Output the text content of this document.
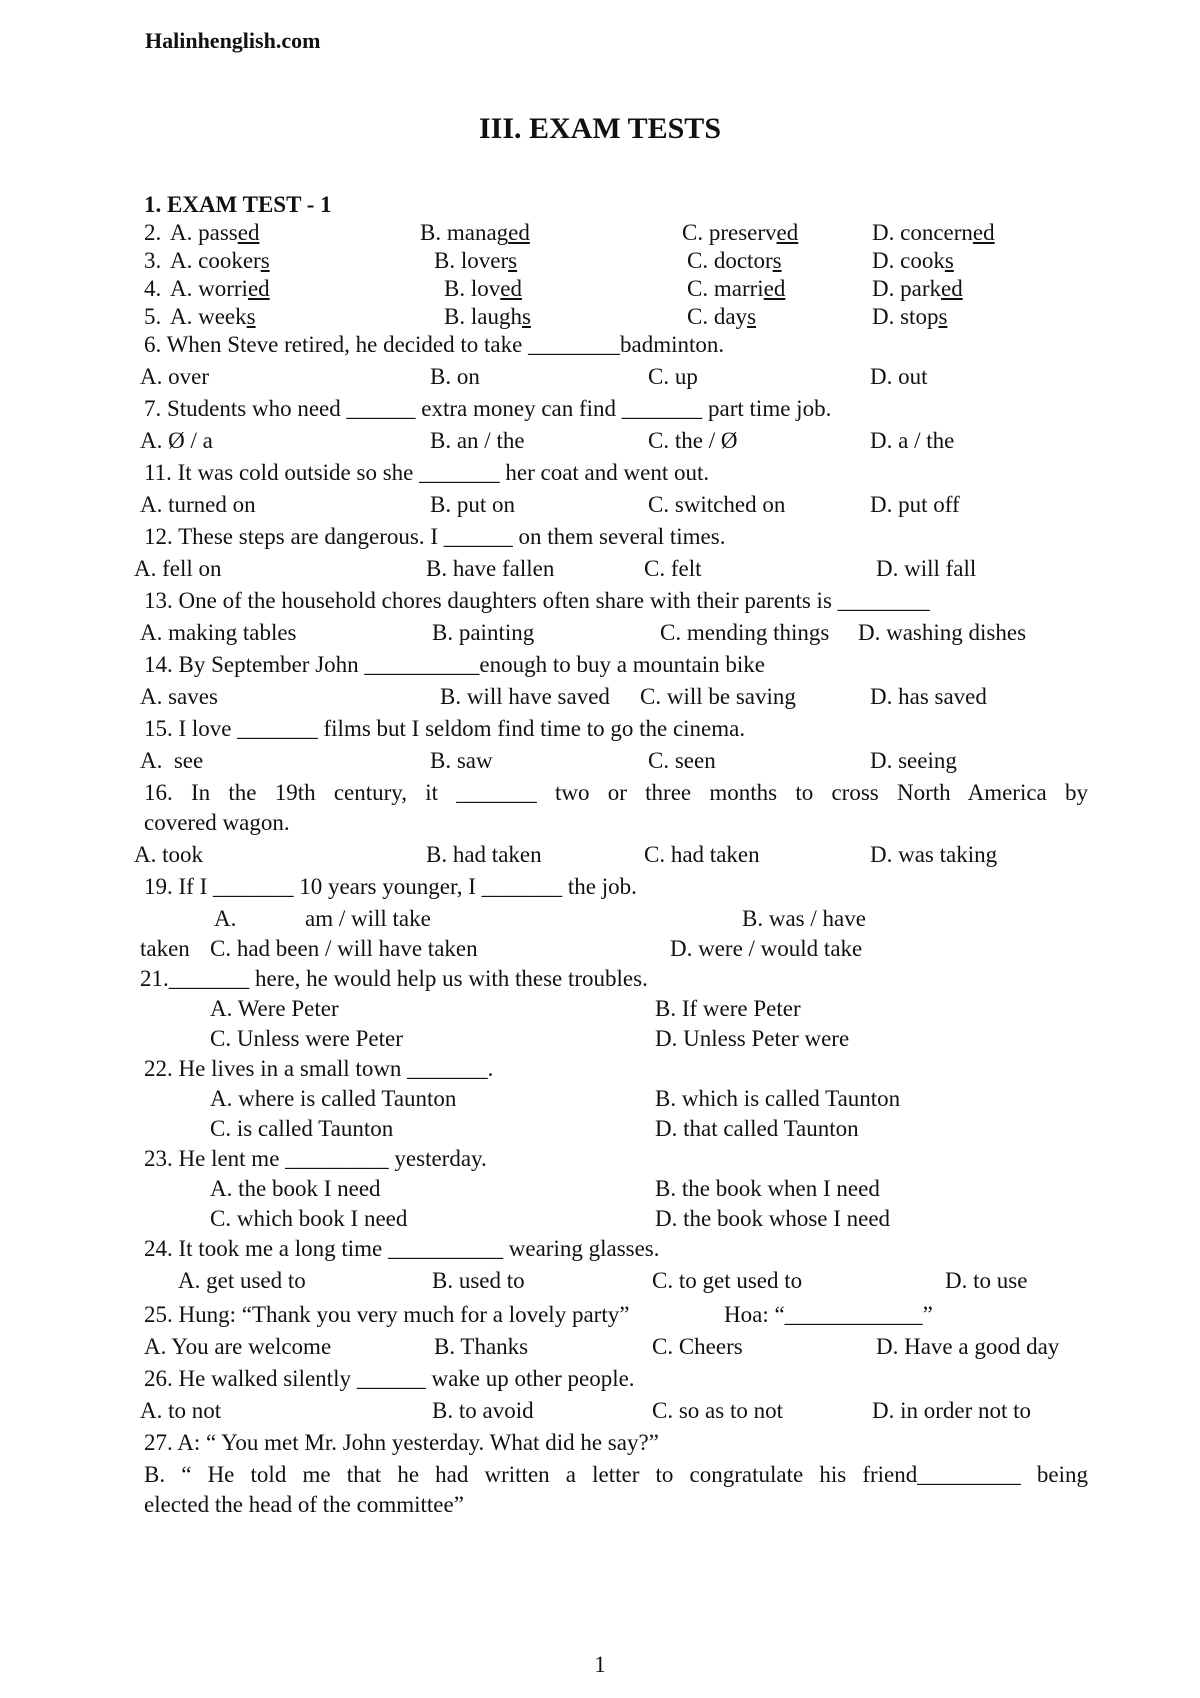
Halinhenglish.com
III. EXAM TESTS
1. EXAM TEST - 1
2. A. passed	B. managed	C. preserved	D. concerned
3. A. cookers	B. lovers	C. doctors	D. cooks
4. A. worried	B. loved	C. married	D. parked
5. A. weeks	B. laughs	C. days	D. stops
6. When Steve retired, he decided to take ________badminton.
A. over	B. on	C. up	D. out
7. Students who need ______ extra money can find _______ part time job.
A. Ø / a	B. an / the	C. the / Ø	D. a / the
11. It was cold outside so she _______ her coat and went out.
A. turned on	B. put on	C. switched on	D. put off
12. These steps are dangerous. I ______ on them several times.
A. fell on	B. have fallen	C. felt	D. will fall
13. One of the household chores daughters often share with their parents is ________
A. making tables	B. painting	C. mending things D. washing dishes
14. By September John __________enough to buy a mountain bike
A. saves	B. will have saved C. will be saving	D. has saved
15. I love _______ films but I seldom find time to go the cinema.
A.  see	B. saw	C. seen	D. seeing
16. In the 19th century, it _______ two or three months to cross North America by
covered wagon.
A. took	B. had taken	C. had taken	D. was taking
19. If I _______ 10 years younger, I _______ the job.
A.	am / will take	B. was / have
taken C. had been / will have taken	D. were / would take
21._______ here, he would help us with these troubles.
A. Were Peter	B. If were Peter
C. Unless were Peter	D. Unless Peter were
22. He lives in a small town _______.
A. where is called Taunton	B. which is called Taunton
C. is called Taunton	D. that called Taunton
23. He lent me _________ yesterday.
A. the book I need	B. the book when I need
C. which book I need	D. the book whose I need
24. It took me a long time __________ wearing glasses.
A. get used to	B. used to	C. to get used to	D. to use
25. Hung: “Thank you very much for a lovely party”	Hoa: “____________”
A. You are welcome	B. Thanks	C. Cheers	D. Have a good day
26. He walked silently ______ wake up other people.
A. to not	B. to avoid	C. so as to not	D. in order not to
27. A: “ You met Mr. John yesterday. What did he say?”
B. “ He told me that he had written a letter to congratulate his friend_________ being
elected the head of the committee”
1
